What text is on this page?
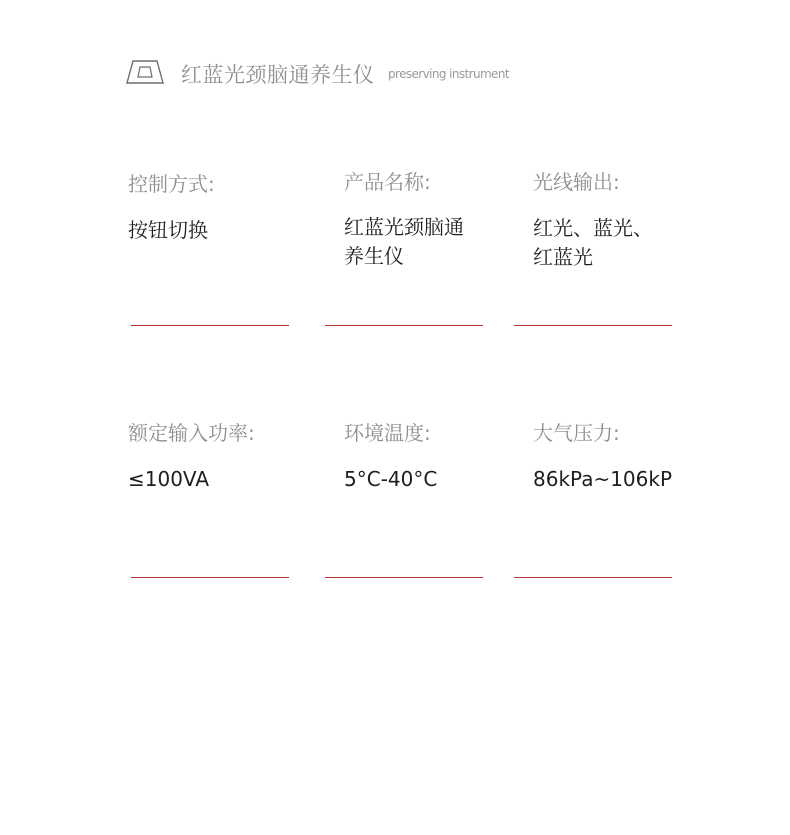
红蓝光颈脑通养生仪 preserving instrument
控制方式:
按钮切换
产品名称:
红蓝光颈脑通
养生仪
光线输出:
红光、蓝光、
红蓝光
额定输入功率:
≤100VA
环境温度:
5°C-40°C
大气压力:
86kPa~106kP
